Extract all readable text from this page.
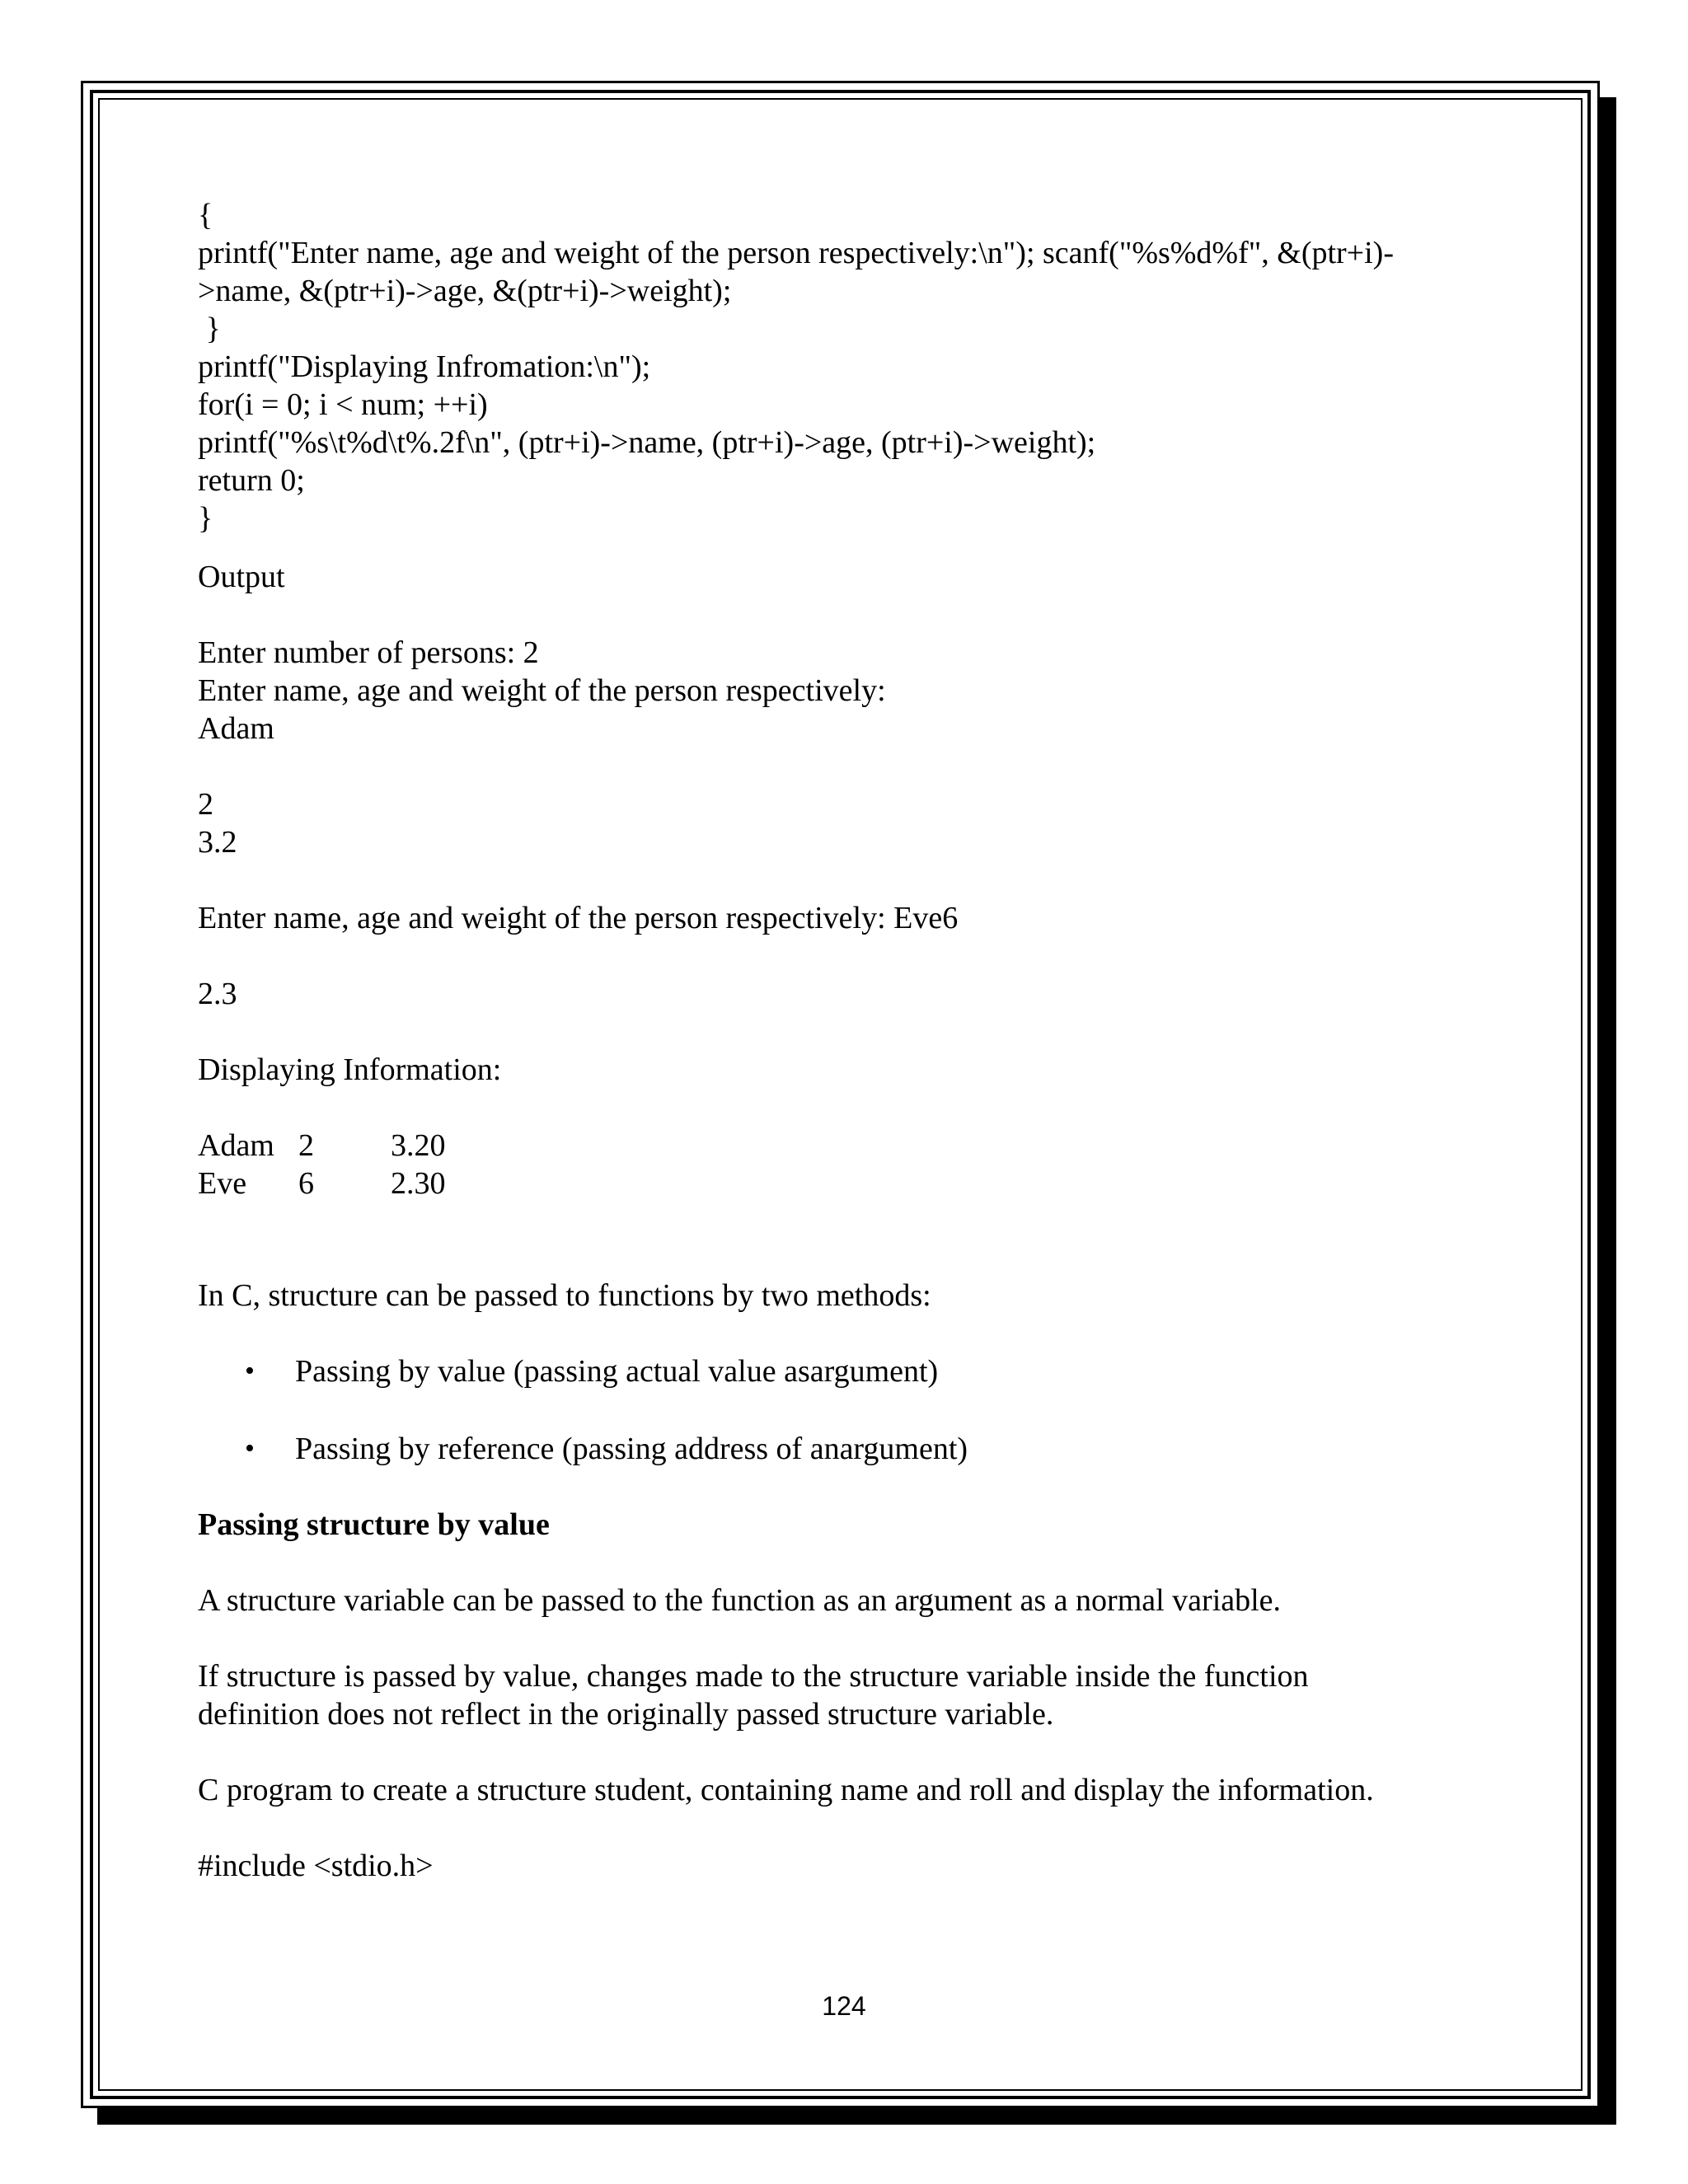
{
printf("Enter name, age and weight of the person respectively:\n"); scanf("%s%d%f", &(ptr+i)-
>name, &(ptr+i)->age, &(ptr+i)->weight);
}
printf("Displaying Infromation:\n");
for(i = 0; i < num; ++i)
printf("%s\t%d\t%.2f\n", (ptr+i)->name, (ptr+i)->age, (ptr+i)->weight);
return 0;
}
Output
Enter number of persons: 2
Enter name, age and weight of the person respectively:
Adam
2
3.2
Enter name, age and weight of the person respectively: Eve6
2.3
Displaying Information:
Adam 2	3.20
Eve	6	2.30
In C, structure can be passed to functions by two methods:
• Passing by value (passing actual value asargument)
• Passing by reference (passing address of anargument)
Passing structure by value
A structure variable can be passed to the function as an argument as a normal variable.
If structure is passed by value, changes made to the structure variable inside the function
definition does not reflect in the originally passed structure variable.
C program to create a structure student, containing name and roll and display the information.
#include <stdio.h>
124
